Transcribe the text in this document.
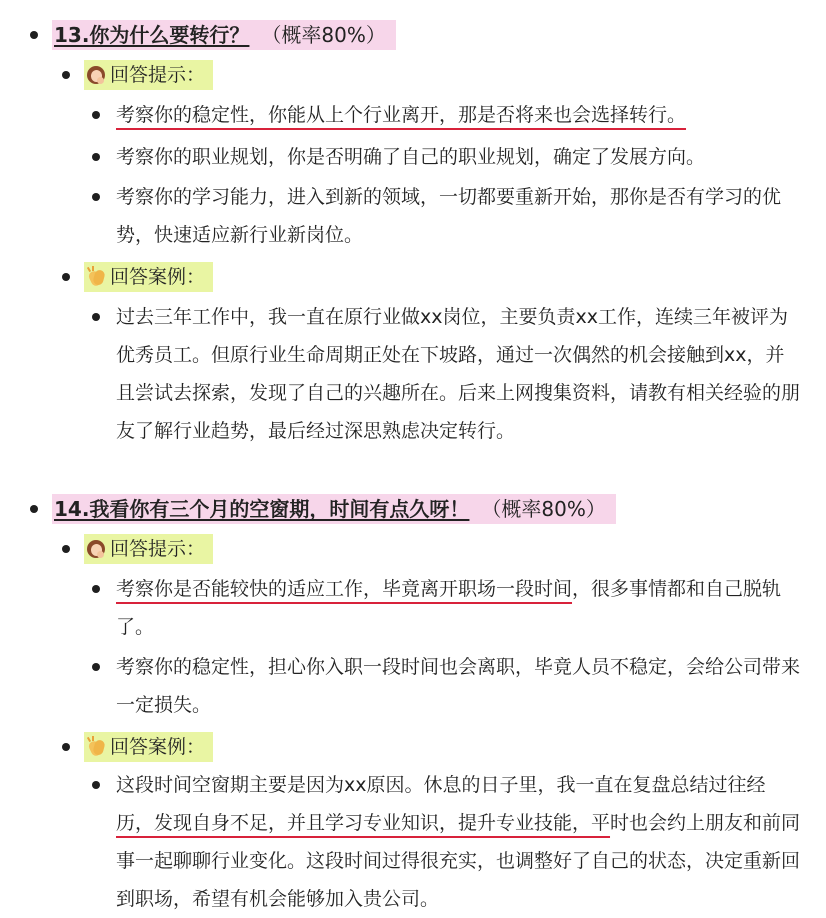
13.你为什么要转行？ （概率80%）
回答提示：
考察你的稳定性，你能从上个行业离开，那是否将来也会选择转行。
考察你的职业规划，你是否明确了自己的职业规划，确定了发展方向。
考察你的学习能力，进入到新的领域，一切都要重新开始，那你是否有学习的优势，快速适应新行业新岗位。
回答案例：
过去三年工作中，我一直在原行业做xx岗位，主要负责xx工作，连续三年被评为优秀员工。但原行业生命周期正处在下坡路，通过一次偶然的机会接触到xx，并且尝试去探索，发现了自己的兴趣所在。后来上网搜集资料，请教有相关经验的朋友了解行业趋势，最后经过深思熟虑决定转行。
14.我看你有三个月的空窗期，时间有点久呀！ （概率80%）
回答提示：
考察你是否能较快的适应工作，毕竟离开职场一段时间，很多事情都和自己脱轨了。
考察你的稳定性，担心你入职一段时间也会离职，毕竟人员不稳定，会给公司带来一定损失。
回答案例：
这段时间空窗期主要是因为xx原因。休息的日子里，我一直在复盘总结过往经历，发现自身不足，并且学习专业知识，提升专业技能，平时也会约上朋友和前同事一起聊聊行业变化。这段时间过得很充实，也调整好了自己的状态，决定重新回到职场，希望有机会能够加入贵公司。
